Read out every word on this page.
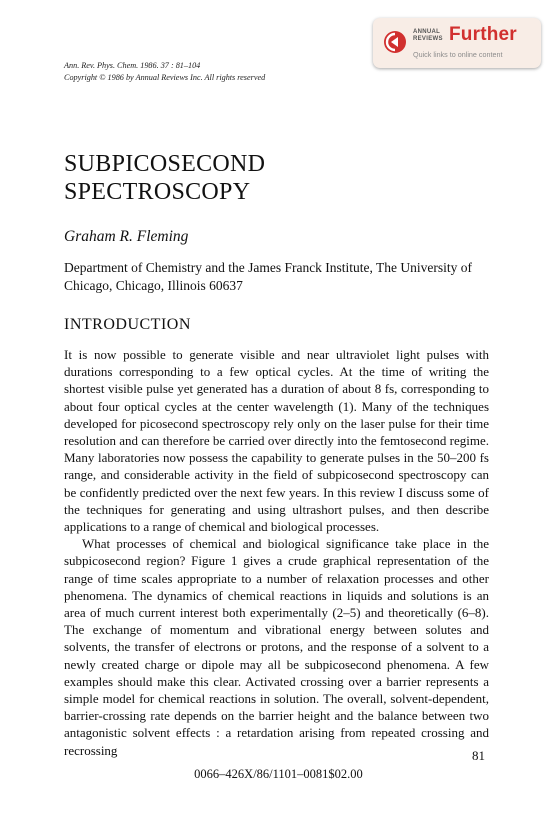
Ann. Rev. Phys. Chem. 1986. 37 : 81–104
Copyright © 1986 by Annual Reviews Inc. All rights reserved
ANNUAL
REVIEWS Further
Quick links to online content
SUBPICOSECOND
SPECTROSCOPY
Graham R. Fleming

Department of Chemistry and the James Franck Institute, The University of Chicago, Chicago, Illinois 60637

INTRODUCTION

It is now possible to generate visible and near ultraviolet light pulses with durations corresponding to a few optical cycles. At the time of writing the shortest visible pulse yet generated has a duration of about 8 fs, corresponding to about four optical cycles at the center wavelength (1). Many of the techniques developed for picosecond spectroscopy rely only on the laser pulse for their time resolution and can therefore be carried over directly into the femtosecond regime. Many laboratories now possess the capability to generate pulses in the 50–200 fs range, and considerable activity in the field of subpicosecond spectroscopy can be confidently predicted over the next few years. In this review I discuss some of the techniques for generating and using ultrashort pulses, and then describe applications to a range of chemical and biological processes.

What processes of chemical and biological significance take place in the subpicosecond region? Figure 1 gives a crude graphical representation of the range of time scales appropriate to a number of relaxation processes and other phenomena. The dynamics of chemical reactions in liquids and solutions is an area of much current interest both experimentally (2–5) and theoretically (6–8). The exchange of momentum and vibrational energy between solutes and solvents, the transfer of electrons or protons, and the response of a solvent to a newly created charge or dipole may all be subpicosecond phenomena. A few examples should make this clear. Activated crossing over a barrier represents a simple model for chemical reactions in solution. The overall, solvent-dependent, barrier-crossing rate depends on the barrier height and the balance between two antagonistic solvent effects : a retardation arising from repeated crossing and recrossing	81
0066–426X/86/1101–0081$02.00
